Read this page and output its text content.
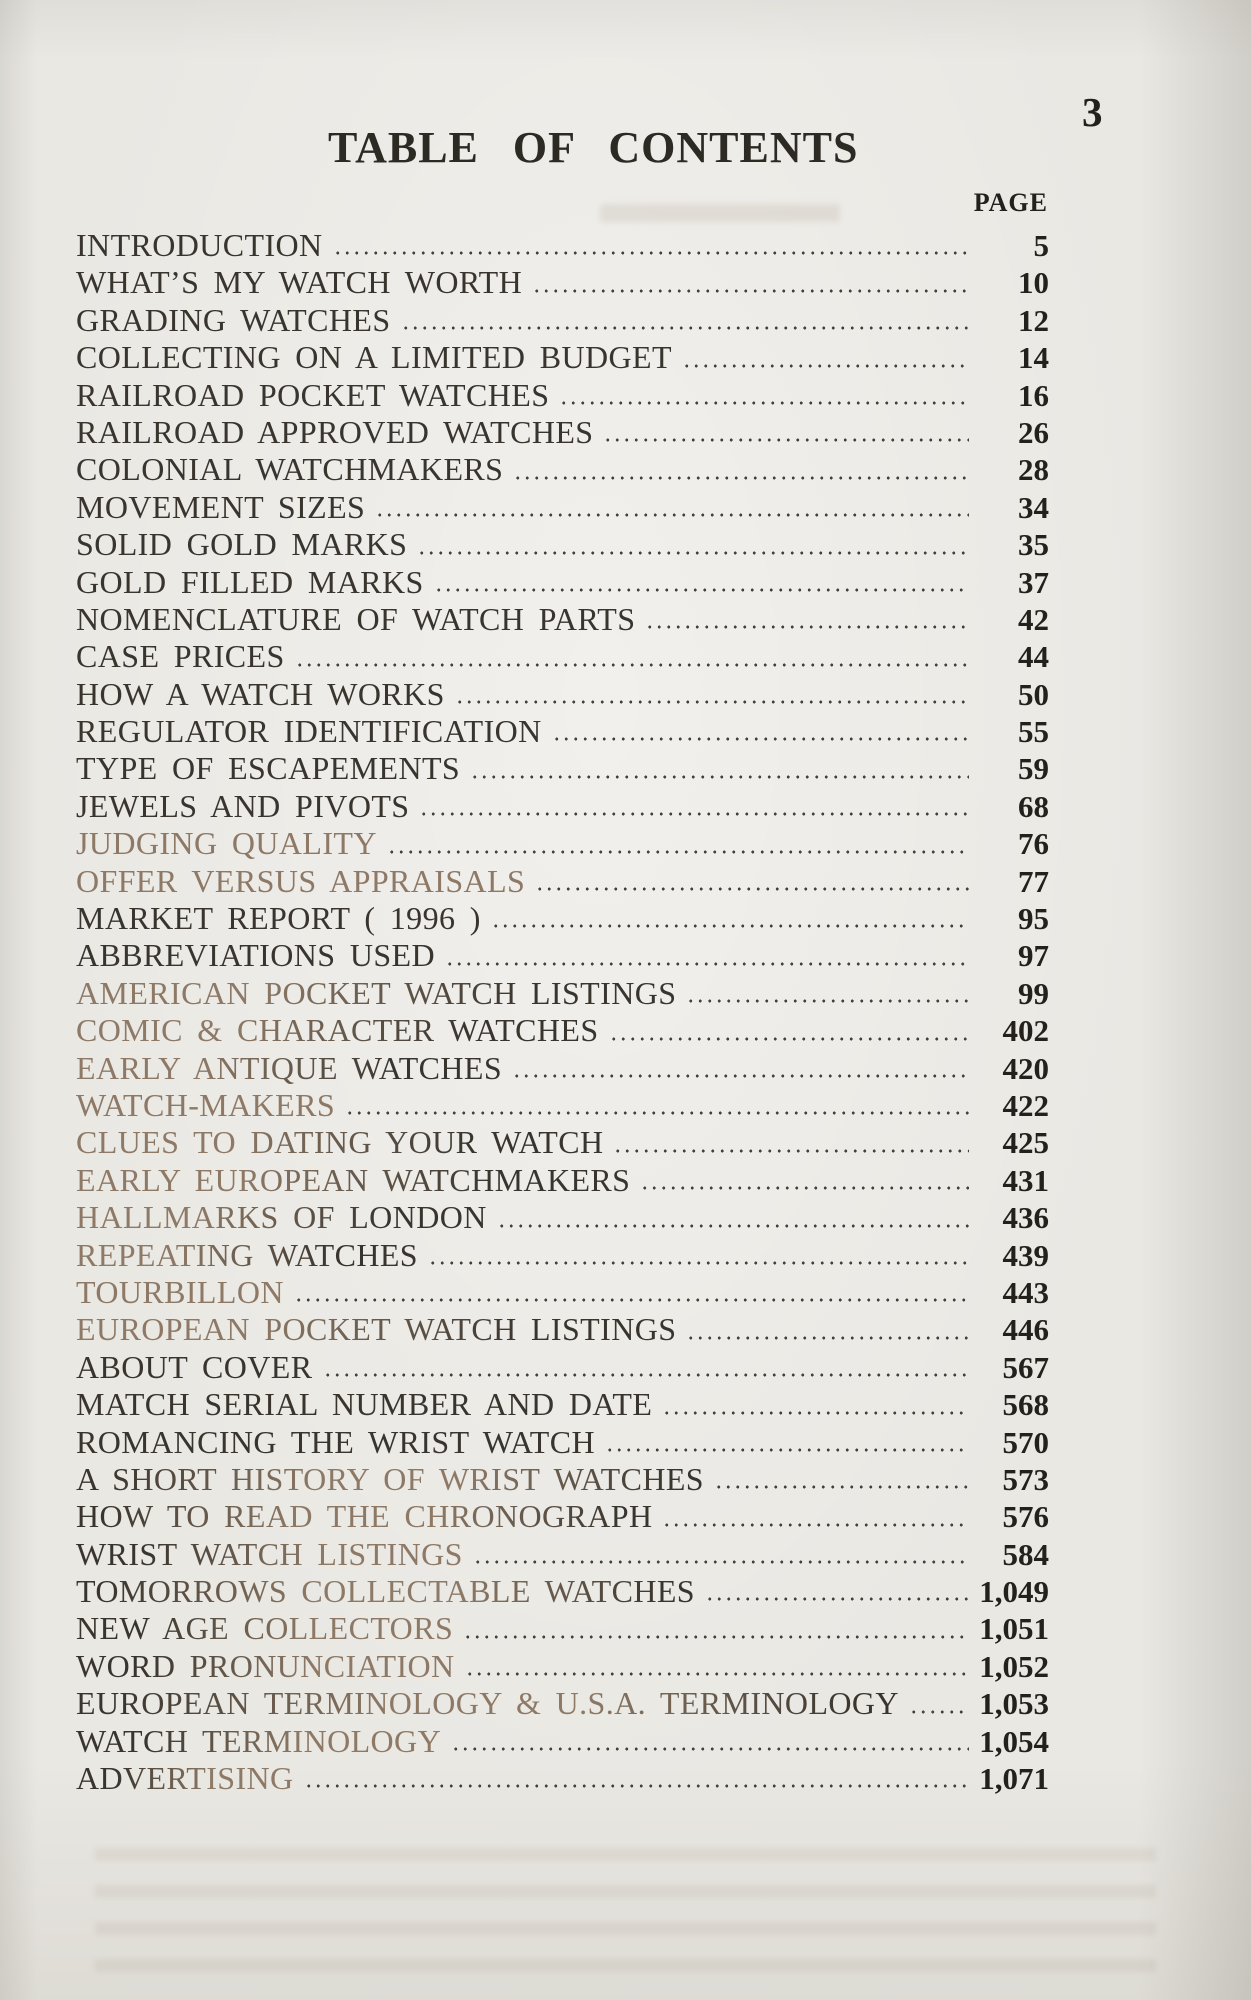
3
TABLE OF CONTENTS
PAGE
INTRODUCTION	5
WHAT’S MY WATCH WORTH	10
GRADING WATCHES	12
COLLECTING ON A LIMITED BUDGET	14
RAILROAD POCKET WATCHES	16
RAILROAD APPROVED WATCHES	26
COLONIAL WATCHMAKERS	28
MOVEMENT SIZES	34
SOLID GOLD MARKS	35
GOLD FILLED MARKS	37
NOMENCLATURE OF WATCH PARTS	42
CASE PRICES	44
HOW A WATCH WORKS	50
REGULATOR IDENTIFICATION	55
TYPE OF ESCAPEMENTS	59
JEWELS AND PIVOTS	68
JUDGING QUALITY	76
OFFER VERSUS APPRAISALS	77
MARKET REPORT ( 1996 )	95
ABBREVIATIONS USED	97
AMERICAN POCKET WATCH LISTINGS	99
COMIC & CHARACTER WATCHES	402
EARLY ANTIQUE WATCHES	420
WATCH-MAKERS	422
CLUES TO DATING YOUR WATCH	425
EARLY EUROPEAN WATCHMAKERS	431
HALLMARKS OF LONDON	436
REPEATING WATCHES	439
TOURBILLON	443
EUROPEAN POCKET WATCH LISTINGS	446
ABOUT COVER	567
MATCH SERIAL NUMBER AND DATE	568
ROMANCING THE WRIST WATCH	570
A SHORT HISTORY OF WRIST WATCHES	573
HOW TO READ THE CHRONOGRAPH	576
WRIST WATCH LISTINGS	584
TOMORROWS COLLECTABLE WATCHES	1,049
NEW AGE COLLECTORS	1,051
WORD PRONUNCIATION	1,052
EUROPEAN TERMINOLOGY & U.S.A. TERMINOLOGY	1,053
WATCH TERMINOLOGY	1,054
ADVERTISING	1,071
